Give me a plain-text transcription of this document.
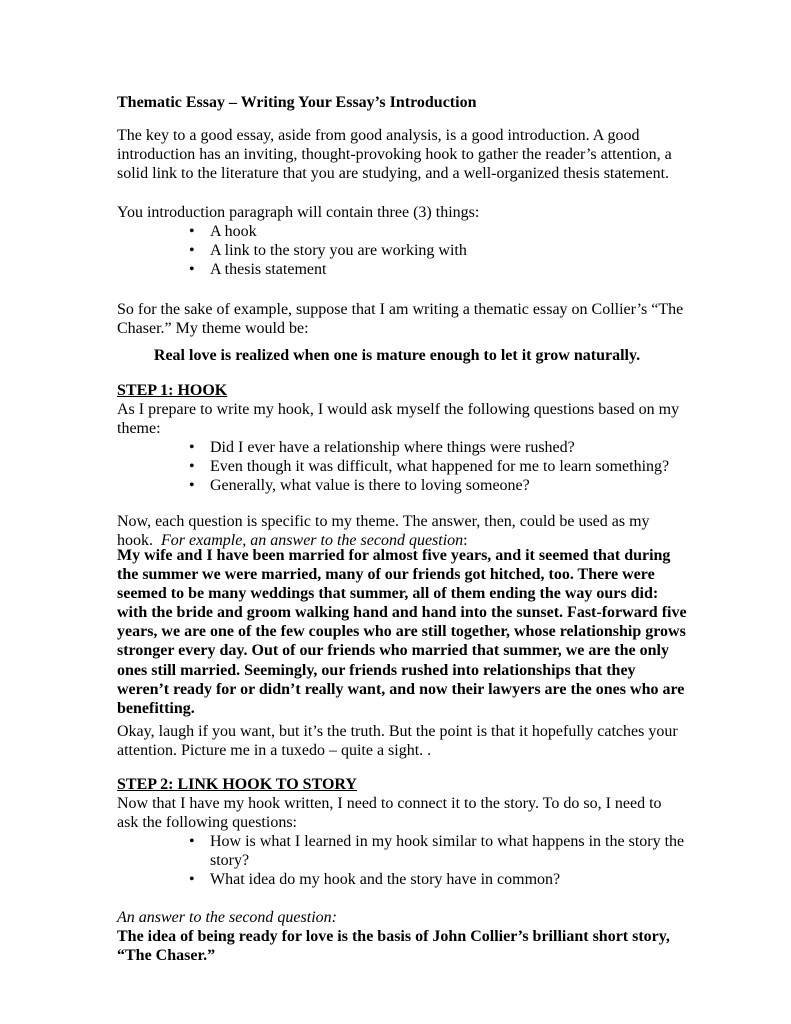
Thematic Essay – Writing Your Essay’s Introduction
The key to a good essay, aside from good analysis, is a good introduction. A good
introduction has an inviting, thought-provoking hook to gather the reader’s attention, a
solid link to the literature that you are studying, and a well-organized thesis statement.
You introduction paragraph will contain three (3) things:
• A hook
• A link to the story you are working with
• A thesis statement
So for the sake of example, suppose that I am writing a thematic essay on Collier’s “The
Chaser.” My theme would be:
Real love is realized when one is mature enough to let it grow naturally.
STEP 1: HOOK
As I prepare to write my hook, I would ask myself the following questions based on my
theme:
• Did I ever have a relationship where things were rushed?
• Even though it was difficult, what happened for me to learn something?
• Generally, what value is there to loving someone?
Now, each question is specific to my theme. The answer, then, could be used as my
hook.  For example, an answer to the second question:
My wife and I have been married for almost five years, and it seemed that during
the summer we were married, many of our friends got hitched, too. There were
seemed to be many weddings that summer, all of them ending the way ours did:
with the bride and groom walking hand and hand into the sunset. Fast-forward five
years, we are one of the few couples who are still together, whose relationship grows
stronger every day. Out of our friends who married that summer, we are the only
ones still married. Seemingly, our friends rushed into relationships that they
weren’t ready for or didn’t really want, and now their lawyers are the ones who are
benefitting.
Okay, laugh if you want, but it’s the truth. But the point is that it hopefully catches your
attention. Picture me in a tuxedo – quite a sight. .
STEP 2: LINK HOOK TO STORY
Now that I have my hook written, I need to connect it to the story. To do so, I need to
ask the following questions:
• How is what I learned in my hook similar to what happens in the story the
story?
• What idea do my hook and the story have in common?
An answer to the second question:
The idea of being ready for love is the basis of John Collier’s brilliant short story,
“The Chaser.”
